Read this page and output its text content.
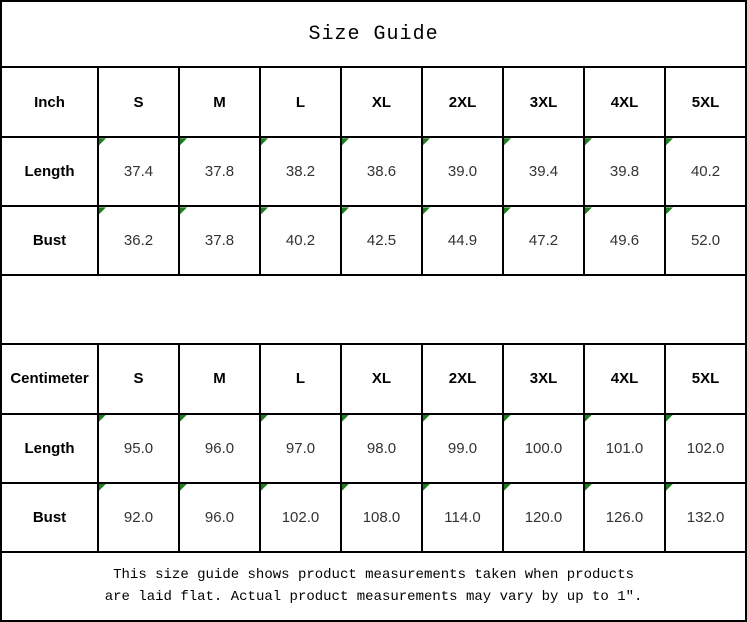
Size Guide								
Inch	S	M	L	XL	2XL	3XL	4XL	5XL
Length	37.4	37.8	38.2	38.6	39.0	39.4	39.8	40.2
Bust	36.2	37.8	40.2	42.5	44.9	47.2	49.6	52.0

Centimeter	S	M	L	XL	2XL	3XL	4XL	5XL
Length	95.0	96.0	97.0	98.0	99.0	100.0	101.0	102.0
Bust	92.0	96.0	102.0	108.0	114.0	120.0	126.0	132.0

This size guide shows product measurements taken when products
are laid flat. Actual product measurements may vary by up to 1″.								
